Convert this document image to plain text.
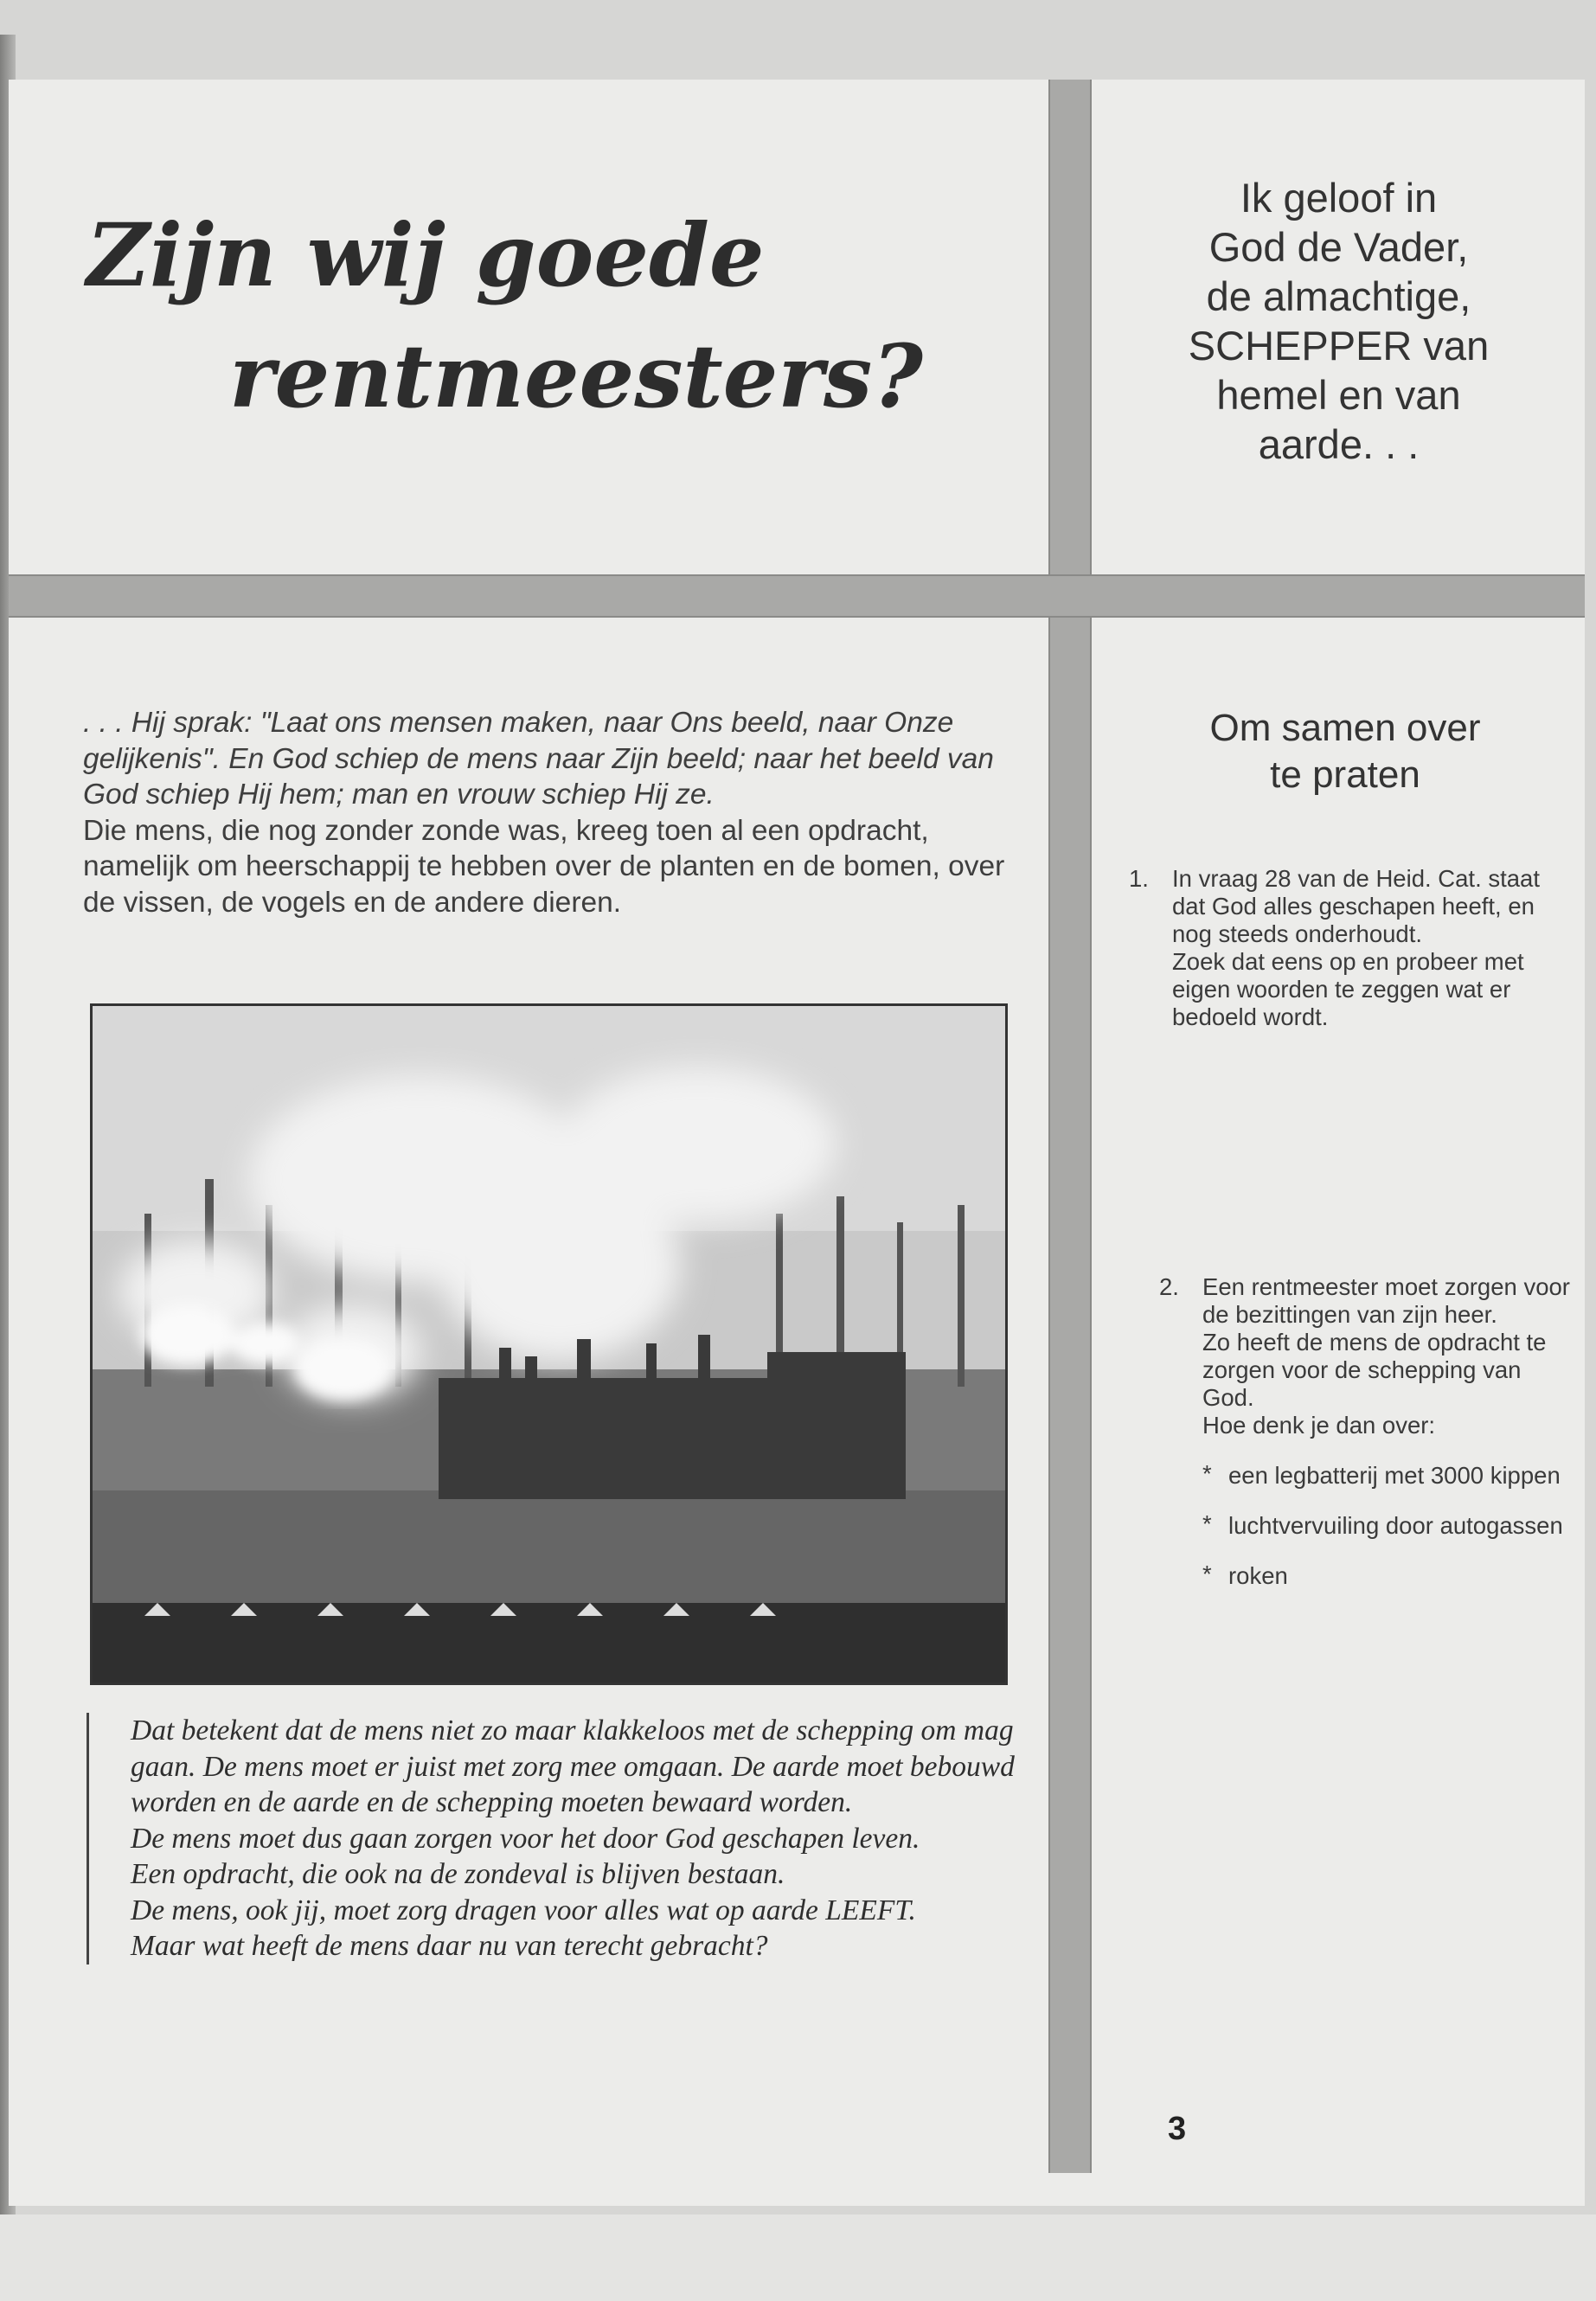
Zijn wij goede
rentmeesters?
Ik geloof in
God de Vader,
de almachtige,
SCHEPPER van
hemel en van
aarde. . .

. . . Hij sprak: "Laat ons mensen maken, naar Ons beeld, naar Onze gelijkenis". En God schiep de mens naar Zijn beeld; naar het beeld van God schiep Hij hem; man en vrouw schiep Hij ze.

Die mens, die nog zonder zonde was, kreeg toen al een opdracht, namelijk om heerschappij te hebben over de planten en de bomen, over de vissen, de vogels en de andere dieren.

Dat betekent dat de mens niet zo maar klakkeloos met de schepping om mag gaan. De mens moet er juist met zorg mee omgaan. De aarde moet bebouwd worden en de aarde en de schepping moeten bewaard worden.

De mens moet dus gaan zorgen voor het door God geschapen leven.

Een opdracht, die ook na de zondeval is blijven bestaan.

De mens, ook jij, moet zorg dragen voor alles wat op aarde LEEFT.

Maar wat heeft de mens daar nu van terecht gebracht?

Om samen over
te praten
1. In vraag 28 van de Heid. Cat. staat dat God alles geschapen heeft, en nog steeds onderhoudt.

Zoek dat eens op en probeer met eigen woorden te zeggen wat er bedoeld wordt.

2. Een rentmeester moet zorgen voor de bezittingen van zijn heer.

Zo heeft de mens de opdracht te zorgen voor de schepping van God.

Hoe denk je dan over:

* een legbatterij met 3000 kippen
* luchtvervuiling door autogassen
* roken
3
